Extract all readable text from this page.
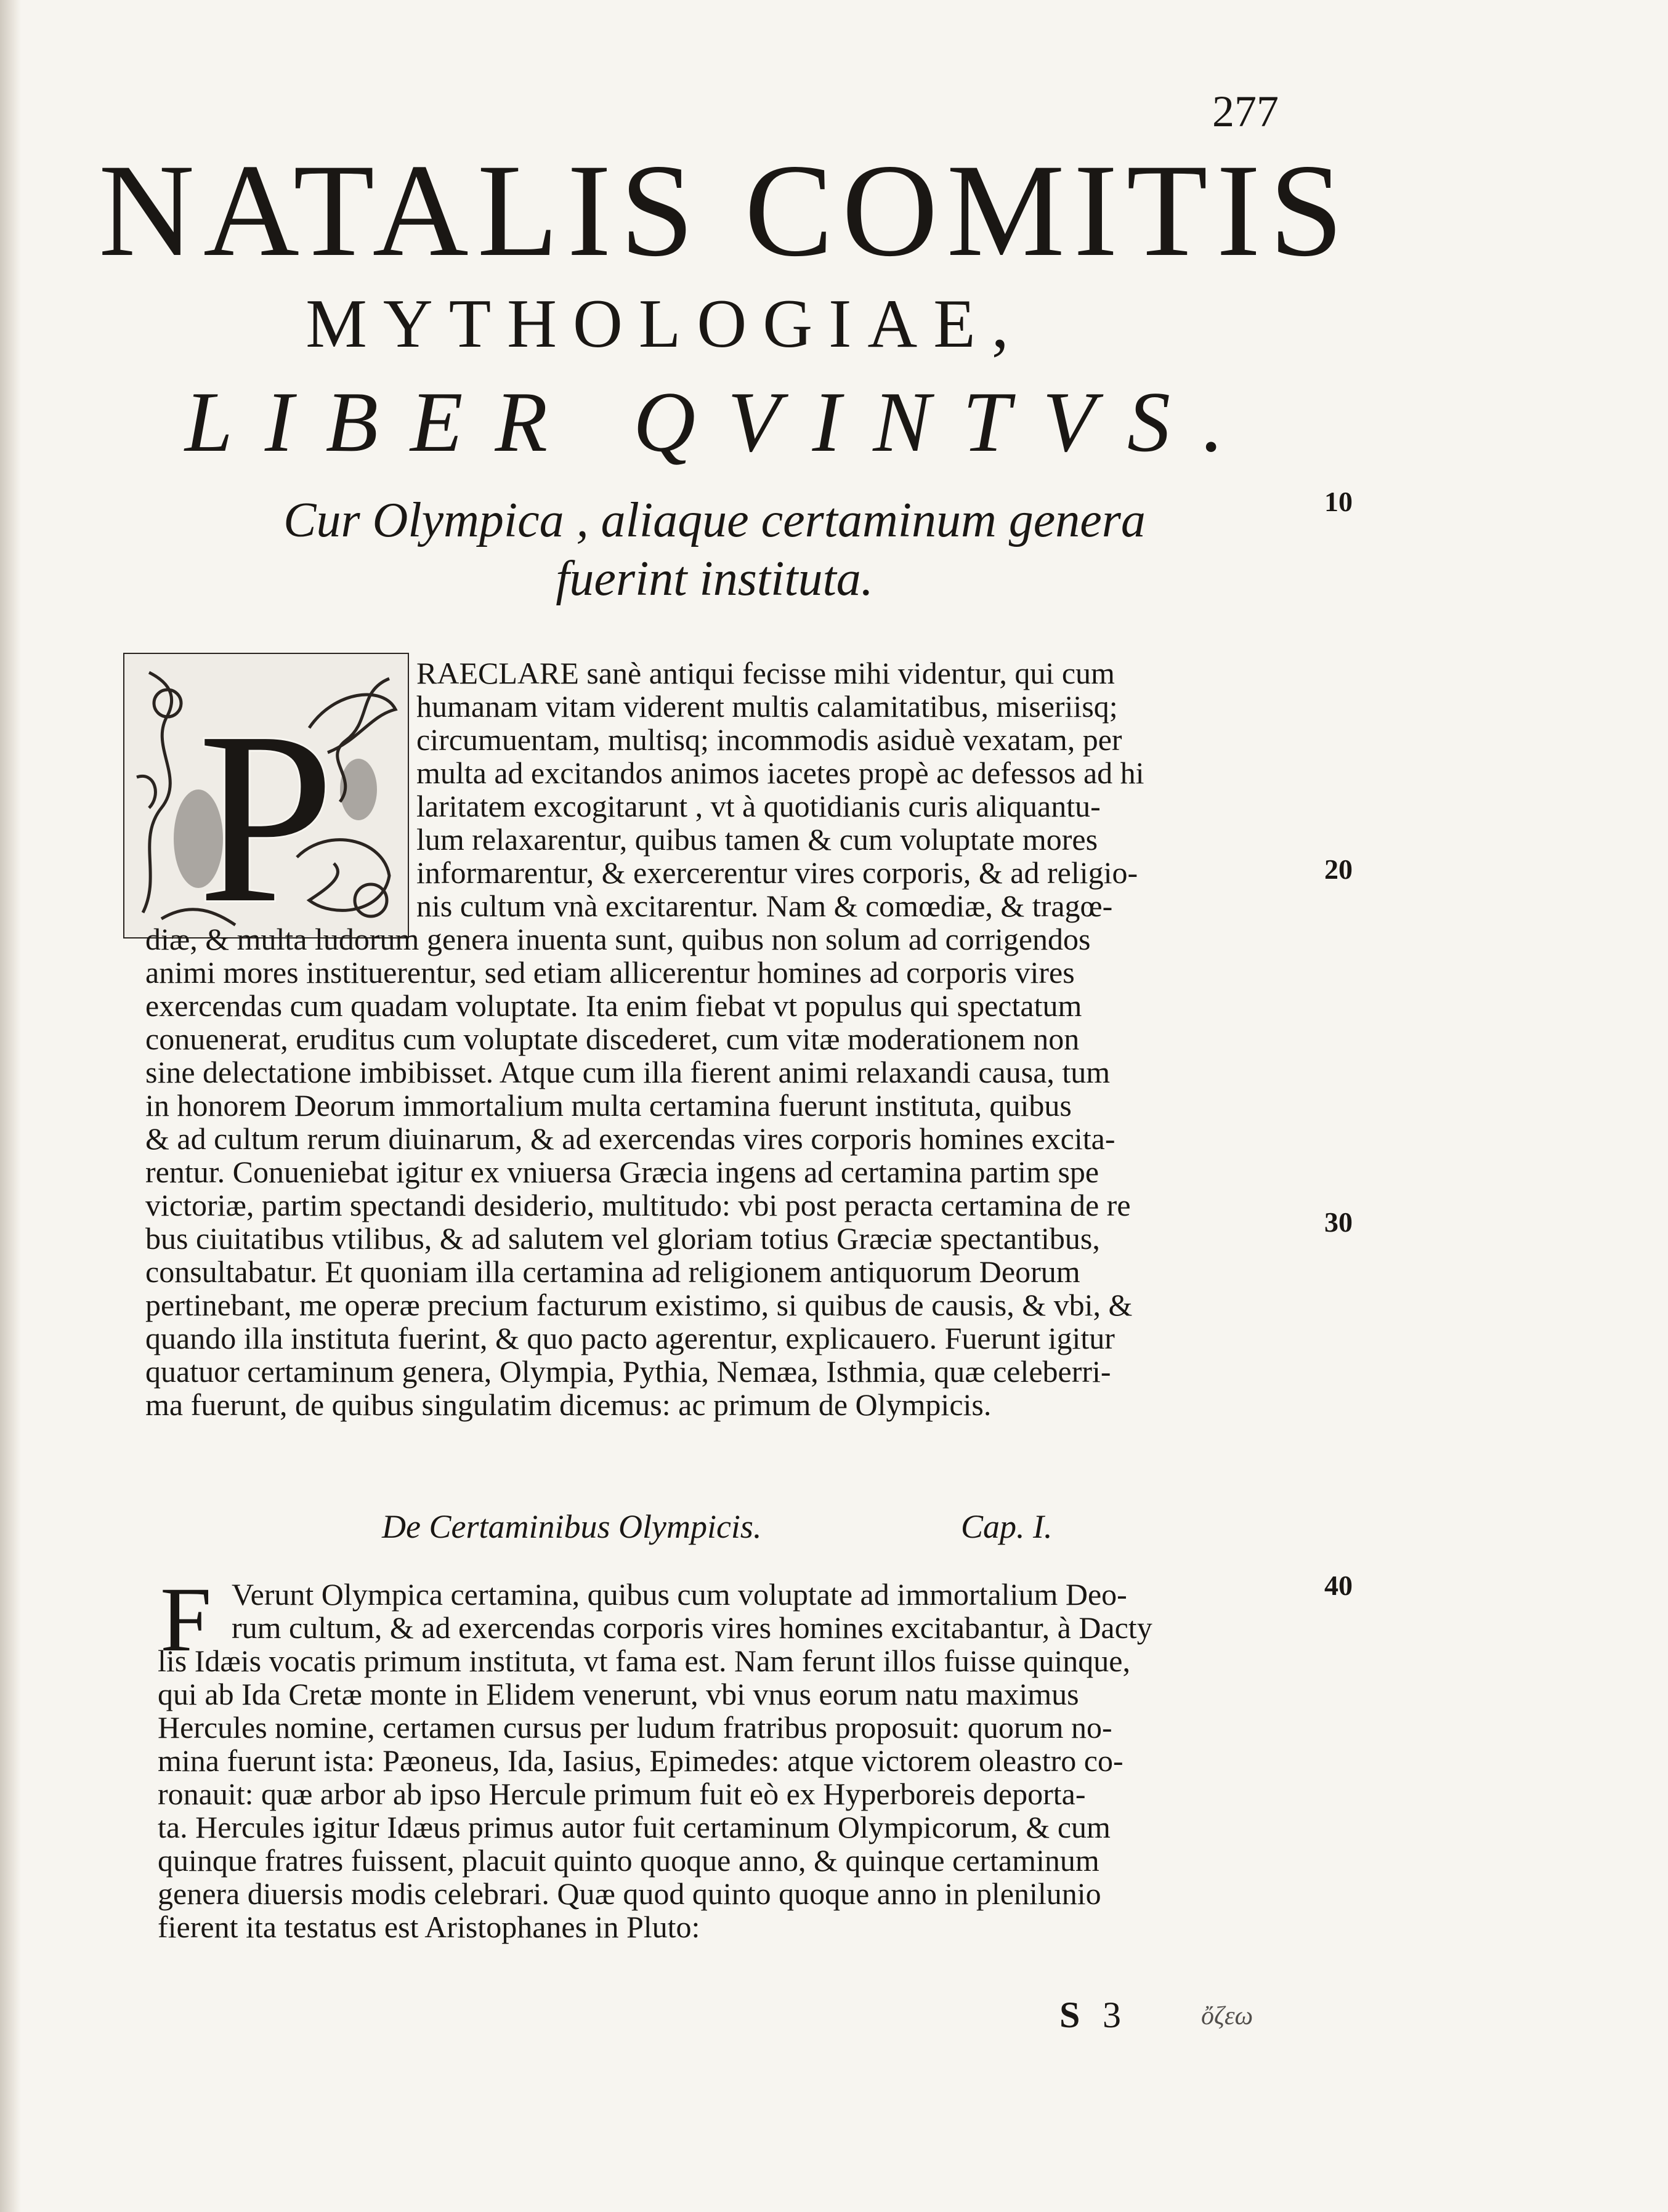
277
NATALIS COMITIS
MYTHOLOGIAE,
LIBER QVINTVS.
Cur Olympica , aliaque certaminum genera
fuerint instituta.
10
20
30
40
P
RAECLARE sanè antiqui fecisse mihi videntur, qui cum
humanam vitam viderent multis calamitatibus, miseriisq;
circumuentam, multisq; incommodis asiduè vexatam, per
multa ad excitandos animos iacetes propè ac defessos ad hi
laritatem excogitarunt , vt à quotidianis curis aliquantu-
lum relaxarentur, quibus tamen & cum voluptate mores
informarentur, & exercerentur vires corporis, & ad religio-
nis cultum vnà excitarentur. Nam & comœdiæ, & tragœ-
diæ, & multa ludorum genera inuenta sunt, quibus non solum ad corrigendos
animi mores instituerentur, sed etiam allicerentur homines ad corporis vires
exercendas cum quadam voluptate. Ita enim fiebat vt populus qui spectatum
conuenerat, eruditus cum voluptate discederet, cum vitæ moderationem non
sine delectatione imbibisset. Atque cum illa fierent animi relaxandi causa, tum
in honorem Deorum immortalium multa certamina fuerunt instituta, quibus
& ad cultum rerum diuinarum, & ad exercendas vires corporis homines excita-
rentur. Conueniebat igitur ex vniuersa Græcia ingens ad certamina partim spe
victoriæ, partim spectandi desiderio, multitudo: vbi post peracta certamina de re
bus ciuitatibus vtilibus, & ad salutem vel gloriam totius Græciæ spectantibus,
consultabatur. Et quoniam illa certamina ad religionem antiquorum Deorum
pertinebant, me operæ precium facturum existimo, si quibus de causis, & vbi, &
quando illa instituta fuerint, & quo pacto agerentur, explicauero. Fuerunt igitur
quatuor certaminum genera, Olympia, Pythia, Nemæa, Isthmia, quæ celeberri-
ma fuerunt, de quibus singulatim dicemus: ac primum de Olympicis.
De Certaminibus Olympicis.	Cap. I.
F Verunt Olympica certamina, quibus cum voluptate ad immortalium Deo-
rum cultum, & ad exercendas corporis vires homines excitabantur, à Dacty
lis Idæis vocatis primum instituta, vt fama est. Nam ferunt illos fuisse quinque,
qui ab Ida Cretæ monte in Elidem venerunt, vbi vnus eorum natu maximus
Hercules nomine, certamen cursus per ludum fratribus proposuit: quorum no-
mina fuerunt ista: Pæoneus, Ida, Iasius, Epimedes: atque victorem oleastro co-
ronauit: quæ arbor ab ipso Hercule primum fuit eò ex Hyperboreis deporta-
ta. Hercules igitur Idæus primus autor fuit certaminum Olympicorum, & cum
quinque fratres fuissent, placuit quinto quoque anno, & quinque certaminum
genera diuersis modis celebrari. Quæ quod quinto quoque anno in plenilunio
fierent ita testatus est Aristophanes in Pluto:
S 3	ὄζεω
